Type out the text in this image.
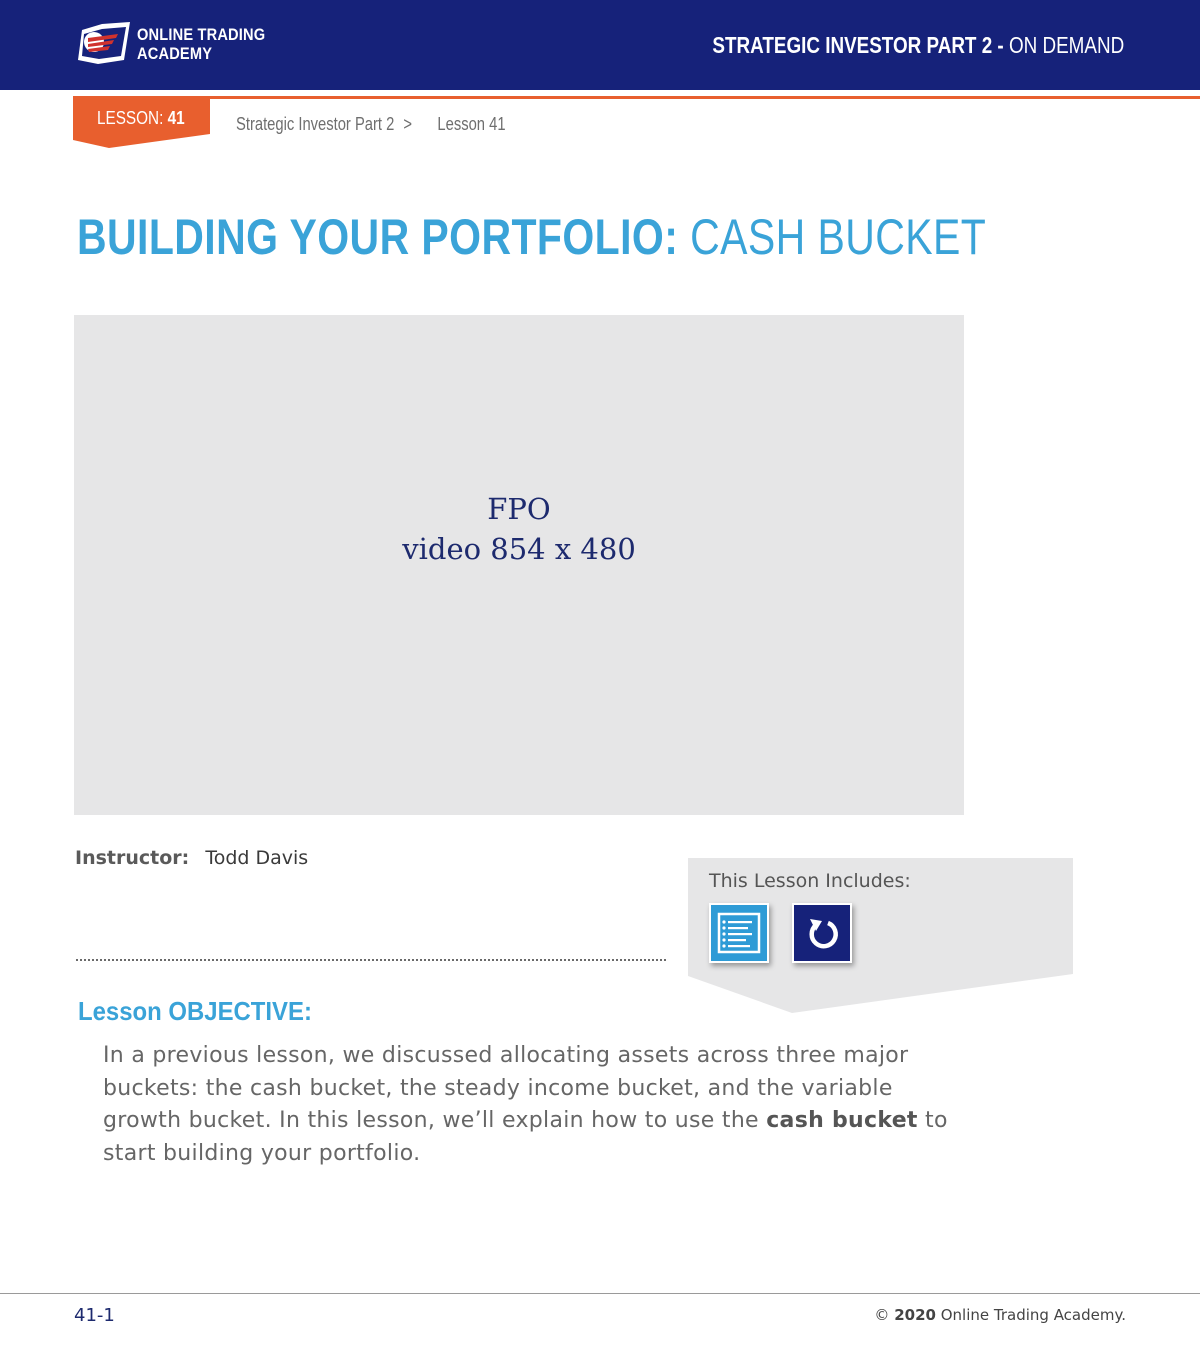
ONLINE TRADING
ACADEMY	STRATEGIC INVESTOR PART 2 - ON DEMAND
LESSON: 41	Strategic Investor Part 2 > Lesson 41
BUILDING YOUR PORTFOLIO: CASH BUCKET
FPO
video 854 x 480
Instructor: Todd Davis
This Lesson Includes:
Lesson OBJECTIVE:
In a previous lesson, we discussed allocating assets across three major buckets: the cash bucket, the steady income bucket, and the variable growth bucket. In this lesson, we’ll explain how to use the cash bucket to start building your portfolio.
41-1	© 2020 Online Trading Academy.
